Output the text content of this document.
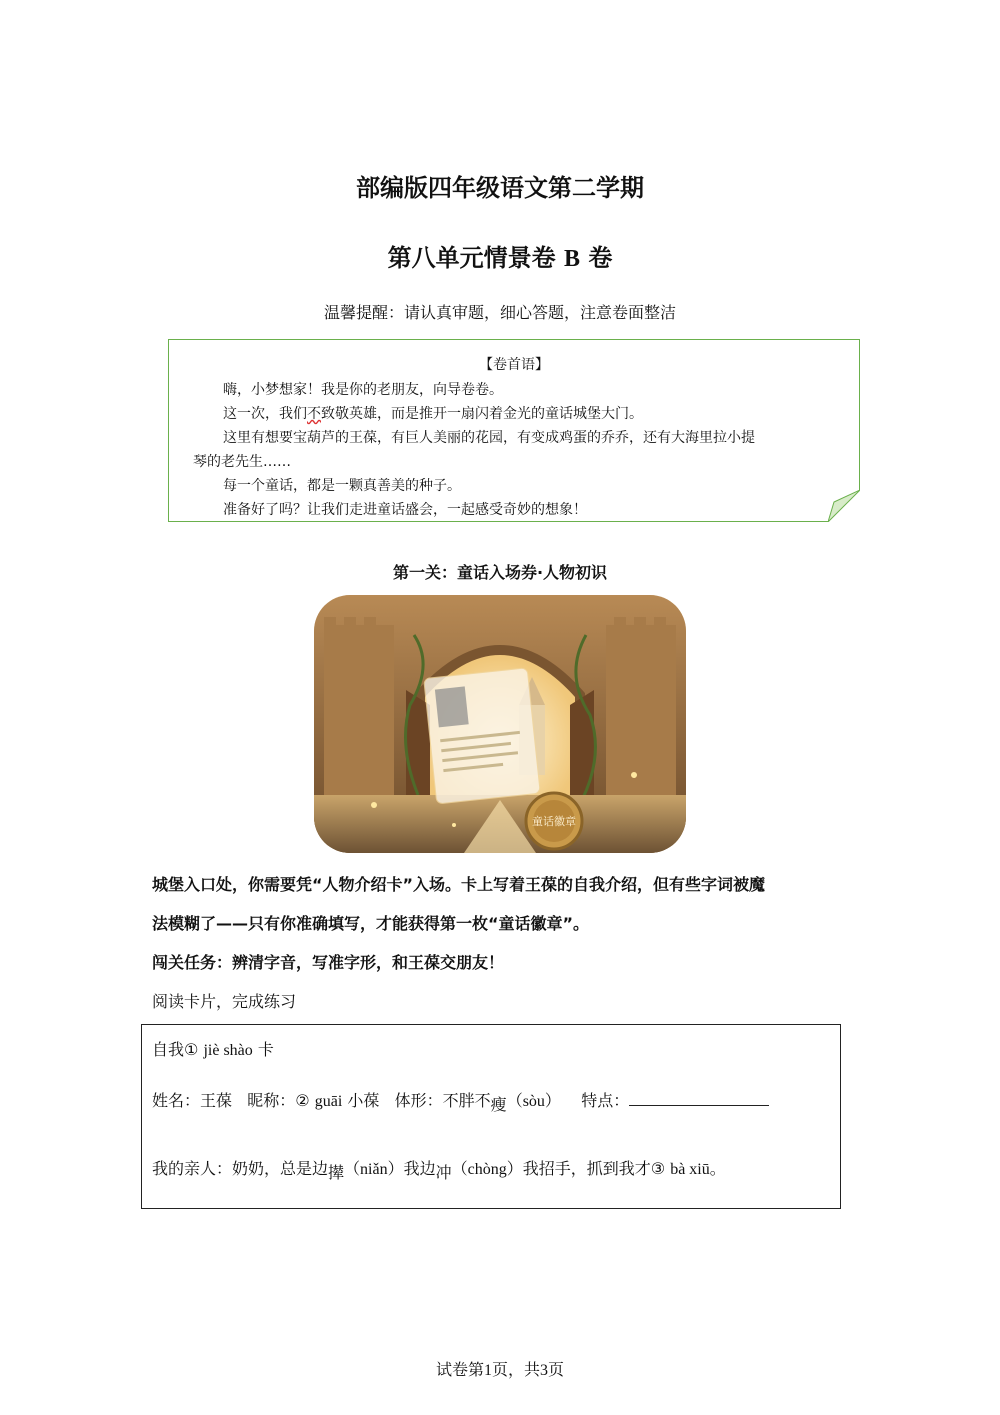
部编版四年级语文第二学期
第八单元情景卷 B 卷
温馨提醒：请认真审题，细心答题，注意卷面整洁
【卷首语】
嗨，小梦想家！我是你的老朋友，向导卷卷。
这一次，我们不致敬英雄，而是推开一扇闪着金光的童话城堡大门。
这里有想要宝葫芦的王葆，有巨人美丽的花园，有变成鸡蛋的乔乔，还有大海里拉小提
琴的老先生……
每一个童话，都是一颗真善美的种子。
准备好了吗？让我们走进童话盛会，一起感受奇妙的想象！
第一关：童话入场券·人物初识
童话徽章
城堡入口处，你需要凭“人物介绍卡”入场。卡上写着王葆的自我介绍，但有些字词被魔
法模糊了——只有你准确填写，才能获得第一枚“童话徽章”。
闯关任务：辨清字音，写准字形，和王葆交朋友！
阅读卡片，完成练习
自我① jiè shào 卡
姓名：王葆 昵称：② guāi 小葆 体形：不胖不瘦（sòu） 特点：
我的亲人：奶奶，总是边撵（niǎn）我边冲（chòng）我招手，抓到我才③ bà xiū。
试卷第1页，共3页
